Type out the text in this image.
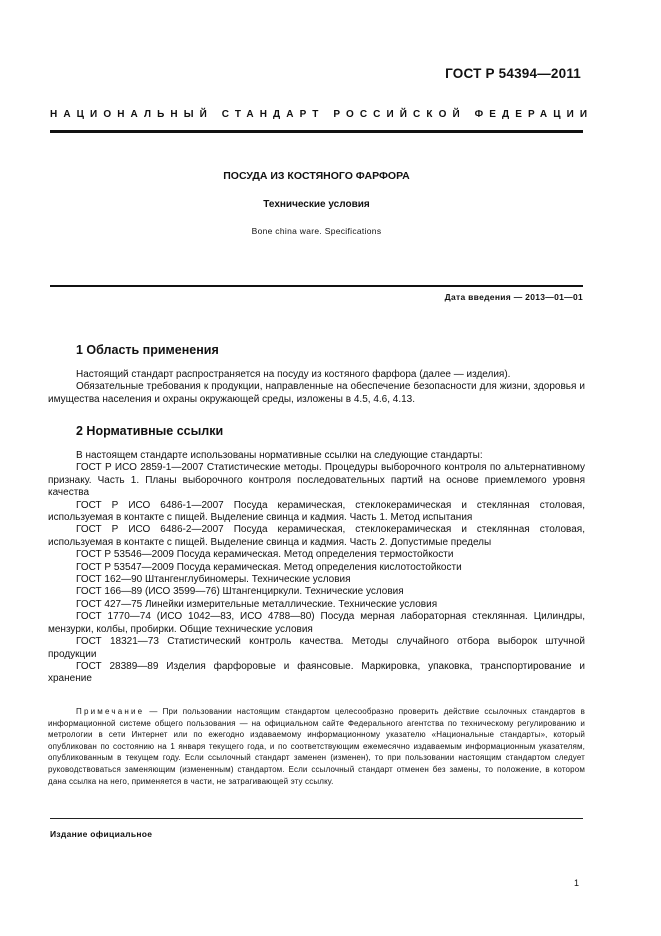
ГОСТ Р 54394—2011
НАЦИОНАЛЬНЫЙ СТАНДАРТ РОССИЙСКОЙ ФЕДЕРАЦИИ
ПОСУДА ИЗ КОСТЯНОГО ФАРФОРА
Технические условия
Bone china ware. Specifications
Дата введения — 2013—01—01
1 Область применения

Настоящий стандарт распространяется на посуду из костяного фарфора (далее — изделия).

Обязательные требования к продукции, направленные на обеспечение безопасности для жизни, здоровья и имущества населения и охраны окружающей среды, изложены в 4.5, 4.6, 4.13.

2 Нормативные ссылки

В настоящем стандарте использованы нормативные ссылки на следующие стандарты:

ГОСТ Р ИСО 2859-1—2007 Статистические методы. Процедуры выборочного контроля по альтернативному признаку. Часть 1. Планы выборочного контроля последовательных партий на основе приемлемого уровня качества

ГОСТ Р ИСО 6486-1—2007 Посуда керамическая, стеклокерамическая и стеклянная столовая, используемая в контакте с пищей. Выделение свинца и кадмия. Часть 1. Метод испытания

ГОСТ Р ИСО 6486-2—2007 Посуда керамическая, стеклокерамическая и стеклянная столовая, используемая в контакте с пищей. Выделение свинца и кадмия. Часть 2. Допустимые пределы

ГОСТ Р 53546—2009 Посуда керамическая. Метод определения термостойкости

ГОСТ Р 53547—2009 Посуда керамическая. Метод определения кислотостойкости

ГОСТ 162—90 Штангенглубиномеры. Технические условия

ГОСТ 166—89 (ИСО 3599—76) Штангенциркули. Технические условия

ГОСТ 427—75 Линейки измерительные металлические. Технические условия

ГОСТ 1770—74 (ИСО 1042—83, ИСО 4788—80) Посуда мерная лабораторная стеклянная. Цилиндры, мензурки, колбы, пробирки. Общие технические условия

ГОСТ 18321—73 Статистический контроль качества. Методы случайного отбора выборок штучной продукции

ГОСТ 28389—89 Изделия фарфоровые и фаянсовые. Маркировка, упаковка, транспортирование и хранение

Примечание — При пользовании настоящим стандартом целесообразно проверить действие ссылочных стандартов в информационной системе общего пользования — на официальном сайте Федерального агентства по техническому регулированию и метрологии в сети Интернет или по ежегодно издаваемому информационному указателю «Национальные стандарты», который опубликован по состоянию на 1 января текущего года, и по соответствующим ежемесячно издаваемым информационным указателям, опубликованным в текущем году. Если ссылочный стандарт заменен (изменен), то при пользовании настоящим стандартом следует руководствоваться заменяющим (измененным) стандартом. Если ссылочный стандарт отменен без замены, то положение, в котором дана ссылка на него, применяется в части, не затрагивающей эту ссылку.

Издание официальное
1
